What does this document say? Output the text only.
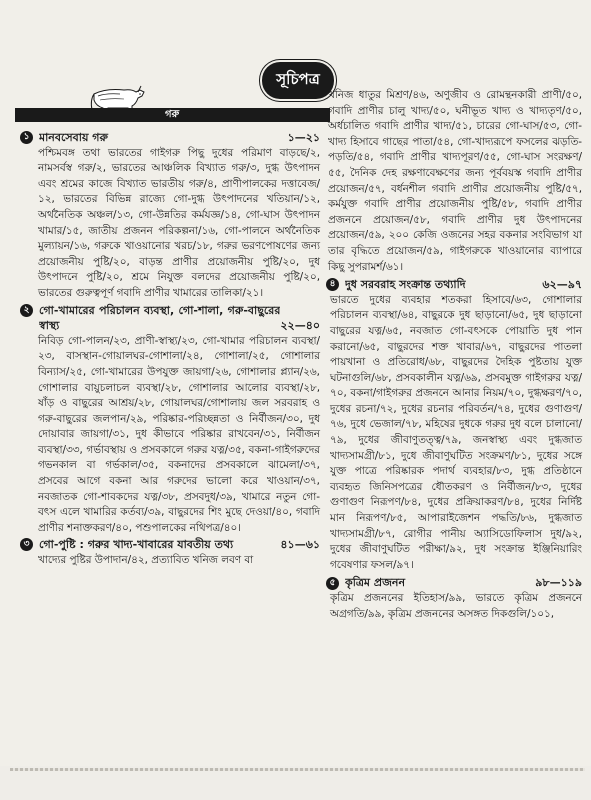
সূচিপত্র
গরু
১ মানবসেবায় গরু	১—২১
পশ্চিমবঙ্গ তথা ভারতের গাইগরু পিছু দুধের পরিমাণ বাড়ছে/২, নামসর্বস্ব গরু/২, ভারতের আঞ্চলিক বিখ্যাত গরু/৩, দুগ্ধ উৎপাদন এবং শ্রমের কাজে বিখ্যাত ভারতীয় গরু/৪, প্রাণীপালকের দত্তাবেজ/১২, ভারতের বিভিন্ন রাজ্যে গো-দুগ্ধ উৎপাদনের খতিয়ান/১২, অর্থনৈতিক অঞ্চল/১৩, গো-উন্নতির কর্মযজ্ঞ/১৪, গো-ঘাস উৎপাদন খামার/১৫, জাতীয় প্রজনন পরিকল্পনা/১৬, গো-পালনে অর্থনৈতিক মুল্যায়ন/১৬, গরুকে খাওয়ানোর খরচ/১৮, গরুর ভরণপোষণের জন্য প্রয়োজনীয় পুষ্টি/২০, বাড়ন্ত প্রাণীর প্রয়োজনীয় পুষ্টি/২০, দুধ উৎপাদনে পুষ্টি/২০, শ্রমে নিযুক্ত বলদের প্রয়োজনীয় পুষ্টি/২০, ভারতের গুরুত্বপূর্ণ গবাদি প্রাণীর খামারের তালিকা/২১।
২ গো-খামারের পরিচালন ব্যবস্থা, গো-শালা, গরু-বাছুরের স্বাস্থ্য	২২—৪০
নিবিড় গো-পালন/২৩, প্রাণী-স্বাস্থ্য/২৩, গো-খামার পরিচালন ব্যবস্থা/২৩, বাসস্থান-গোয়ালঘর-গোশালা/২৪, গোশালা/২৫, গোশালার বিন্যাস/২৫, গো-খামারের উপযুক্ত জায়গা/২৬, গোশালার প্ল্যান/২৬, গোশালার বায়ুচলাচল ব্যবস্থা/২৮, গোশালার আলোর ব্যবস্থা/২৮, ষাঁড় ও বাছুরের আশ্রয়/২৮, গোয়ালঘর/গোশালায় জল সরবরাহ ও গরু-বাছুরের জলপান/২৯, পরিষ্কার-পরিচ্ছন্নতা ও নির্বীজন/৩০, দুধ দোয়াবার জায়গা/৩১, দুধ কীভাবে পরিষ্কার রাখবেন/৩১, নির্বীজন ব্যবস্থা/৩৩, গর্ভাবস্থায় ও প্রসবকালে গরুর যত্ন/৩৫, বকনা-গাইগরুদের গভনকাল বা গর্ভকাল/৩৫, বকনাদের প্রসবকালে ঝামেলা/৩৭, প্রসবের আগে বকনা আর গরুদের ভালো করে খাওয়ান/৩৭, নবজাতক গো-শাবকদের যত্ন/৩৮, প্রসবদুধ/৩৯, খামারে নতুন গো-বৎস এলে খামারির কর্তব্য/৩৯, বাছুরদের শিং মুছে দেওয়া/৪০, গবাদি প্রাণীর শনাক্তকরণ/৪০, পশুপালকের নথিপত্র/৪০।
৩ গো-পুষ্টি : গরুর খাদ্য-খাবারের যাবতীয় তথ্য	৪১—৬১
খাদ্যের পুষ্টির উপাদান/৪২, প্রত্যাবিত খনিজ লবণ বা
খনিজ ধাতুর মিশ্রণ/৪৬, অণুজীব ও রোমন্থনকারী প্রাণী/৫০, গবাদি প্রাণীর চালু খাদ্য/৫০, ঘনীভূত খাদ্য ও খাদ্যতৃণ/৫০, অর্ধচালিত গবাদি প্রাণীর খাদ্য/৫১, চারের গো-ঘাস/৫৩, গো-খাদ্য হিসাবে গাছের পাতা/৫৪, গো-খাদ্যরূপে ফসলের ঝড়তি-পড়তি/৫৪, গবাদি প্রাণীর খাদ্যপূরণ/৫৫, গো-ঘাস সংরক্ষণ/৫৫, দৈনিক দেহ রক্ষণাবেক্ষণের জন্য পূর্ববয়স্ক গবাদি প্রাণীর প্রয়োজন/৫৭, বর্ধনশীল গবাদি প্রাণীর প্রয়োজনীয় পুষ্টি/৫৭, কর্মযুক্ত গবাদি প্রাণীর প্রয়োজনীয় পুষ্টি/৫৮, গবাদি প্রাণীর প্রজননে প্রয়োজন/৫৮, গবাদি প্রাণীর দুধ উৎপাদনের প্রয়োজন/৫৯, ২০০ কেজি ওজনের সহর বকনার সংবিভাগ যা তার বৃদ্ধিতে প্রয়োজন/৫৯, গাইগরুকে খাওয়ানোর ব্যাপারে কিছু সুপরামর্শ/৬১।
৪ দুধ সরবরাহ সংক্রান্ত তথ্যাদি	৬২—৯৭
ভারতে দুধের ব্যবহার শতকরা হিসাবে/৬৩, গোশালার পরিচালন ব্যবস্থা/৬৪, বাছুরকে দুধ ছাড়ানো/৬৫, দুধ ছাড়ানো বাছুরের যত্ন/৬৫, নবজাত গো-বৎসকে পোয়াতি দুধ পান করানো/৬৫, বাছুরদের শক্ত খাবার/৬৭, বাছুরদের পাতলা পায়খানা ও প্রতিরোধ/৬৮, বাছুরদের দৈহিক পুষ্টতায় যুক্ত ঘটনাগুলি/৬৮, প্রসবকালীন যত্ন/৬৯, প্রসবমুক্ত গাইগরুর যত্ন/৭০, বকনা/গাইগরুর প্রজননে আনার নিয়ম/৭০, দুগ্ধক্ষরণ/৭০, দুধের রচনা/৭২, দুধের রচনার পরিবর্তন/৭৪, দুধের গুণাগুণ/৭৬, দুধে ভেজাল/৭৮, মহিষের দুধকে গরুর দুধ বলে চালানো/৭৯, দুধের জীবাণুতত্ত্ব/৭৯, জনস্বাস্থ্য এবং দুগ্ধজাত খাদ্যসামগ্রী/৮১, দুধে জীবাণুঘটিত সংক্রমণ/৮১, দুধের সঙ্গে যুক্ত পাত্রে পরিষ্কারক পদার্থ ব্যবহার/৮৩, দুগ্ধ প্রতিষ্ঠানে ব্যবহৃত জিনিসপত্রের ধৌতকরণ ও নির্বীজন/৮৩, দুধের গুণাগুণ নিরূপণ/৮৪, দুধের প্রক্রিয়াকরণ/৮৪, দুধের নির্দিষ্ট মান নিরূপণ/৮৫, আপারাইজেশন পদ্ধতি/৮৬, দুগ্ধজাত খাদ্যসামগ্রী/৮৭, রোগীর পানীয় অ্যাসিডোফিলাস দুধ/৯২, দুধের জীবাণুঘটিত পরীক্ষা/৯২, দুধ সংক্রান্ত ইঞ্জিনিয়ারিং গবেষণার ফসল/৯৭।
৫ কৃত্রিম প্রজনন	৯৮—১১৯
কৃত্রিম প্রজননের ইতিহাস/৯৯, ভারতে কৃত্রিম প্রজননে অগ্রগতি/৯৯, কৃত্রিম প্রজননের অসঙ্গত দিকগুলি/১০১,
